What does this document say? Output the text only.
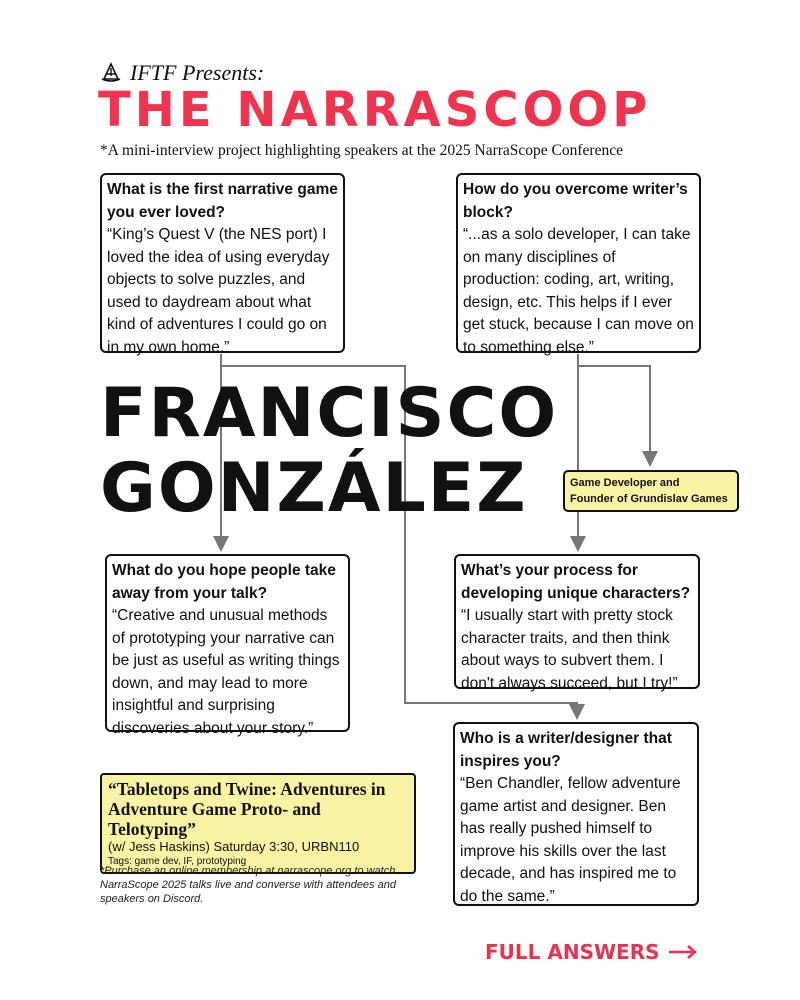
IFTF Presents:
THE NARRASCOOP
*A mini-interview project highlighting speakers at the 2025 NarraScope Conference
FRANCISCO
GONZÁLEZ	Game Developer and
Founder of Grundislav Games

What is the first narrative game you ever loved?

“King’s Quest V (the NES port) I loved the idea of using everyday objects to solve puzzles, and used to daydream about what kind of adventures I could go on in my own home.”

How do you overcome writer’s block?

“...as a solo developer, I can take on many disciplines of production: coding, art, writing, design, etc. This helps if I ever get stuck, because I can move on to something else.”

What do you hope people take away from your talk?

“Creative and unusual methods of prototyping your narrative can be just as useful as writing things down, and may lead to more insightful and surprising discoveries about your story.”

What’s your process for developing unique characters?

“I usually start with pretty stock character traits, and then think about ways to subvert them. I don't always succeed, but I try!”

Who is a writer/designer that inspires you?

“Ben Chandler, fellow adventure game artist and designer. Ben has really pushed himself to improve his skills over the last decade, and has inspired me to do the same.”

“Tabletops and Twine: Adventures in Adventure Game Proto- and Telotyping”
(w/ Jess Haskins) Saturday 3:30, URBN110
Tags: game dev, IF, prototyping
*Purchase an online membership at narrascope.org to watch NarraScope 2025 talks live and converse with attendees and speakers on Discord.
FULL ANSWERS
